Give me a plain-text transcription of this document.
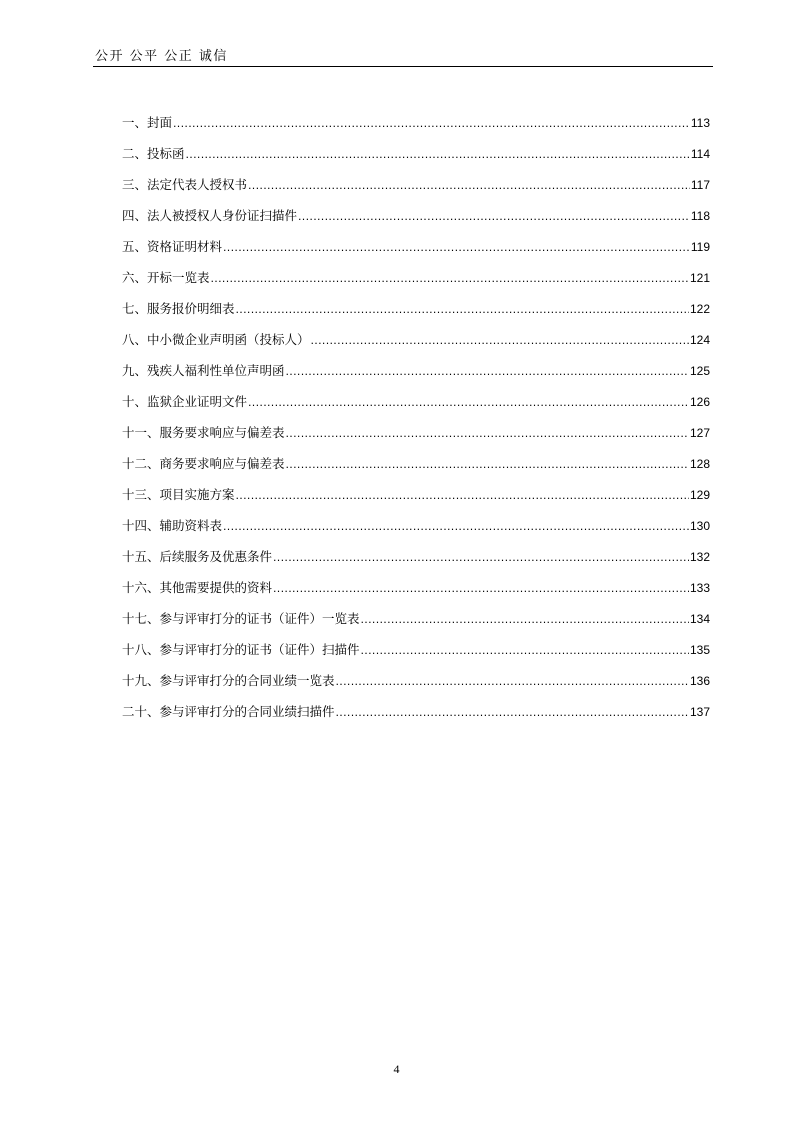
公开 公平 公正 诚信
一、封面 .....	113
二、投标函 .....	114
三、法定代表人授权书 .....	117
四、法人被授权人身份证扫描件 .....	118
五、资格证明材料 .....	119
六、开标一览表 .....	121
七、服务报价明细表 .....	122
八、中小微企业声明函（投标人） .....	124
九、残疾人福利性单位声明函 .....	125
十、监狱企业证明文件 .....	126
十一、服务要求响应与偏差表 .....	127
十二、商务要求响应与偏差表 .....	128
十三、项目实施方案 .....	129
十四、辅助资料表 .....	130
十五、后续服务及优惠条件 .....	132
十六、其他需要提供的资料 .....	133
十七、参与评审打分的证书（证件）一览表 .....	134
十八、参与评审打分的证书（证件）扫描件 .....	135
十九、参与评审打分的合同业绩一览表 .....	136
二十、参与评审打分的合同业绩扫描件 .....	137
4
